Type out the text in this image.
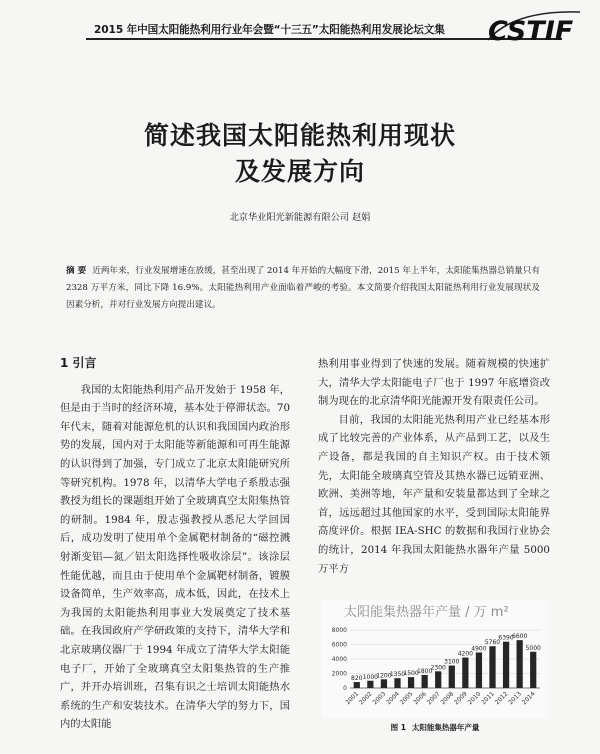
2015 年中国太阳能热利用行业年会暨“十三五”太阳能热利用发展论坛文集 CSTIF
简述我国太阳能热利用现状
及发展方向
北京华业阳光新能源有限公司 赵娟
摘 要 近两年来，行业发展增速在放缓，甚至出现了 2014 年开始的大幅度下滑，2015 年上半年，太阳能集热器总销量只有 2328 万平方米，同比下降 16.9%。太阳能热利用产业面临着严峻的考验。本文简要介绍我国太阳能热利用行业发展现状及因素分析，并对行业发展方向提出建议。
1 引言

我国的太阳能热利用产品开发始于 1958 年，但是由于当时的经济环境，基本处于停滞状态。70 年代末，随着对能源危机的认识和我国国内政治形势的发展，国内对于太阳能等新能源和可再生能源的认识得到了加强，专门成立了北京太阳能研究所等研究机构。1978 年，以清华大学电子系殷志强教授为组长的课题组开始了全玻璃真空太阳集热管的研制。1984 年，殷志强教授从悉尼大学回国后，成功发明了使用单个金属靶材制备的“磁控溅射渐变铝—氮／铝太阳选择性吸收涂层”。该涂层性能优越，而且由于使用单个金属靶材制备，镀膜设备简单，生产效率高，成本低，因此，在技术上为我国的太阳能热利用事业大发展奠定了技术基础。在我国政府产学研政策的支持下，清华大学和北京玻璃仪器厂于 1994 年成立了清华大学太阳能电子厂，开始了全玻璃真空太阳集热管的生产推广，并开办培训班，召集有识之士培训太阳能热水系统的生产和安装技术。在清华大学的努力下，国内的太阳能

热利用事业得到了快速的发展。随着规模的快速扩大，清华大学太阳能电子厂也于 1997 年底增资改制为现在的北京清华阳光能源开发有限责任公司。

目前，我国的太阳能光热利用产业已经基本形成了比较完善的产业体系，从产品到工艺，以及生产设备，都是我国的自主知识产权。由于技术领先，太阳能全玻璃真空管及其热水器已远销亚洲、欧洲、美洲等地，年产量和安装量都达到了全球之首，远远超过其他国家的水平，受到国际太阳能界高度评价。根据 IEA-SHC 的数据和我国行业协会的统计，2014 年我国太阳能热水器年产量 5000 万平方

太阳能集热器年产量 / 万 m²
820 1000
1200
1350
1500
1800
2300
3100
4200
4900
5760
6390
6600
5000
2001
2002
2003
2004
2005
2006
2007
2008
2009
2010
2011
2012
2013
2014
0
2000
4000
6000
8000
图 1 太阳能集热器年产量
